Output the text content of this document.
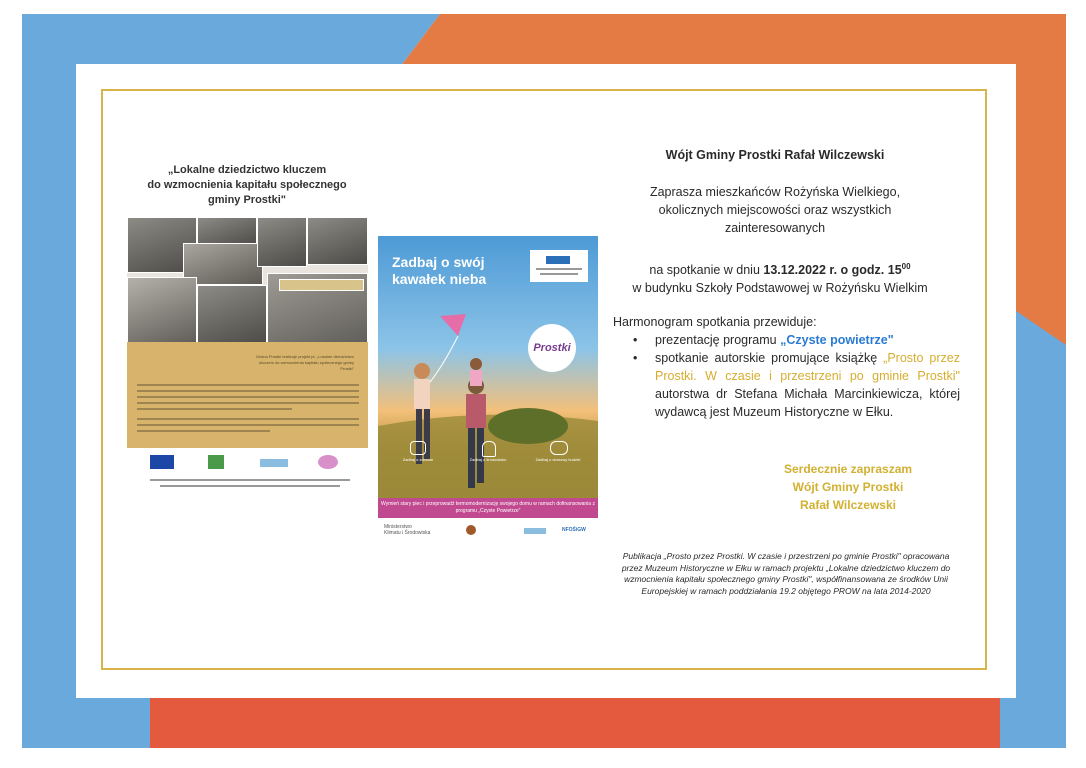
„Lokalne dziedzictwo kluczem
do wzmocnienia kapitału społecznego
gminy Prostki"
Gmina Prostki realizuje projekt pt. „Lokalne dziedzictwo kluczem do wzmocnienia kapitału społecznego gminy Prostki"
Zadbaj o swój
kawałek nieba
Prostki
Zadbaj o zdrowie	Zadbaj o środowisko	Zadbaj o domowy budżet
Wymień stary piec i przeprowadź termomodernizację swojego domu w ramach dofinansowania z programu „Czyste Powietrze"
Ministerstwo
Klimatu i Środowiska	NFOŚiGW
Wójt Gminy Prostki Rafał Wilczewski
Zaprasza mieszkańców Rożyńska Wielkiego, okolicznych miejscowości oraz wszystkich zainteresowanych
na spotkanie w dniu 13.12.2022 r. o godz. $15^{00}$
w budynku Szkoły Podstawowej w Rożyńsku Wielkim
Harmonogram spotkania przewiduje:
• prezentację programu „Czyste powietrze"
• spotkanie autorskie promujące książkę „Prosto przez Prostki. W czasie i przestrzeni po gminie Prostki" autorstwa dr Stefana Michała Marcinkiewicza, której wydawcą jest Muzeum Historyczne w Ełku.
Serdecznie zapraszam
Wójt Gminy Prostki
Rafał Wilczewski
Publikacja „Prosto przez Prostki. W czasie i przestrzeni po gminie Prostki" opracowana przez Muzeum Historyczne w Ełku w ramach projektu „Lokalne dziedzictwo kluczem do wzmocnienia kapitału społecznego gminy Prostki", współfinansowana ze środków Unii Europejskiej w ramach poddziałania 19.2 objętego PROW na lata 2014-2020
